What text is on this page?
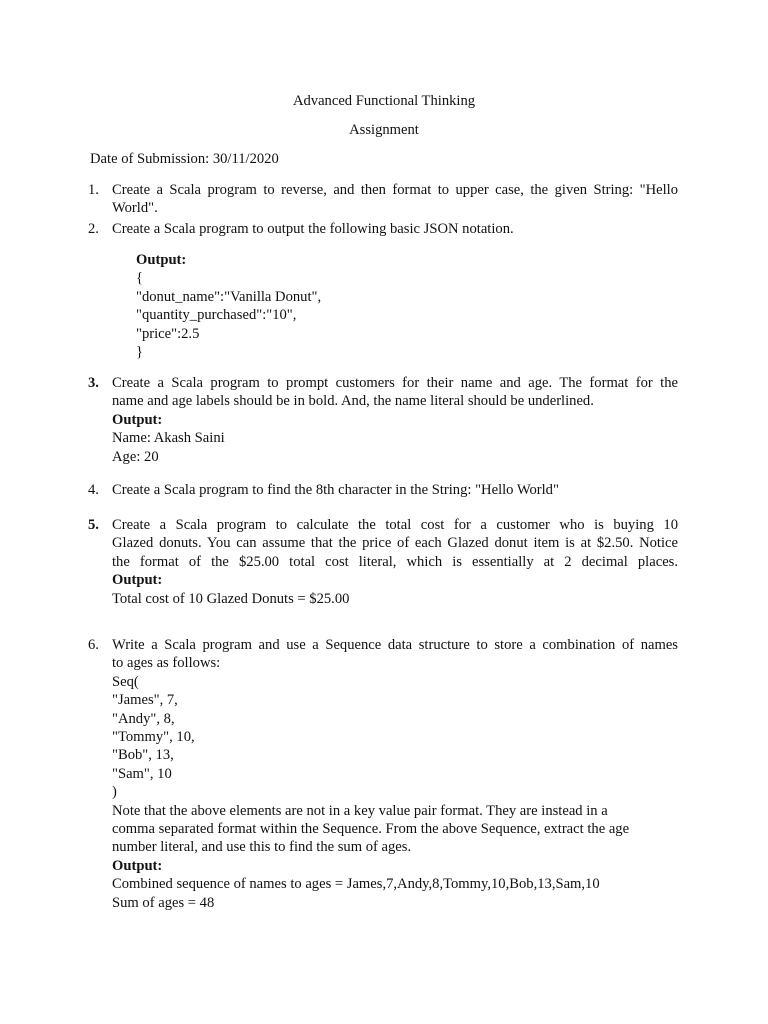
Advanced Functional Thinking
Assignment
Date of Submission: 30/11/2020
1. Create a Scala program to reverse, and then format to upper case, the given String: "Hello
World".
2. Create a Scala program to output the following basic JSON notation.
Output:
{
"donut_name":"Vanilla Donut",
"quantity_purchased":"10",
"price":2.5
}
3. Create a Scala program to prompt customers for their name and age. The format for the
name and age labels should be in bold. And, the name literal should be underlined.
Output:
Name: Akash Saini
Age: 20
4. Create a Scala program to find the 8th character in the String: "Hello World"
5. Create a Scala program to calculate the total cost for a customer who is buying 10
Glazed donuts. You can assume that the price of each Glazed donut item is at $2.50. Notice
the format of the $25.00 total cost literal, which is essentially at 2 decimal places.
Output:
Total cost of 10 Glazed Donuts = $25.00
6. Write a Scala program and use a Sequence data structure to store a combination of names
to ages as follows:
Seq(
"James", 7,
"Andy", 8,
"Tommy", 10,
"Bob", 13,
"Sam", 10
)
Note that the above elements are not in a key value pair format. They are instead in a
comma separated format within the Sequence. From the above Sequence, extract the age
number literal, and use this to find the sum of ages.
Output:
Combined sequence of names to ages = James,7,Andy,8,Tommy,10,Bob,13,Sam,10
Sum of ages = 48
